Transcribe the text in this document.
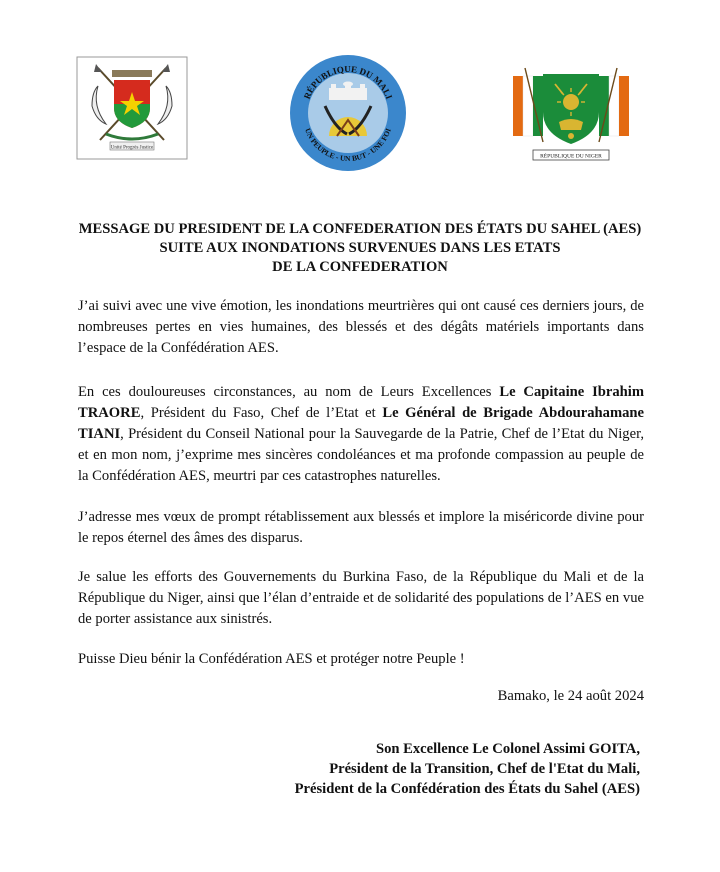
Unité Progrès Justice
RÉPUBLIQUE DU MALI
UN PEUPLE - UN BUT - UNE FOI
RÉPUBLIQUE DU NIGER
MESSAGE DU PRESIDENT DE LA CONFEDERATION DES ÉTATS DU SAHEL (AES)
SUITE AUX INONDATIONS SURVENUES DANS LES ETATS
DE LA CONFEDERATION
J’ai suivi avec une vive émotion, les inondations meurtrières qui ont causé ces derniers jours, de nombreuses pertes en vies humaines, des blessés et des dégâts matériels importants dans l’espace de la Confédération AES.
En ces douloureuses circonstances, au nom de Leurs Excellences Le Capitaine Ibrahim TRAORE, Président du Faso, Chef de l’Etat et Le Général de Brigade Abdourahamane TIANI, Président du Conseil National pour la Sauvegarde de la Patrie, Chef de l’Etat du Niger, et en mon nom, j’exprime mes sincères condoléances et ma profonde compassion au peuple de la Confédération AES, meurtri par ces catastrophes naturelles.
J’adresse mes vœux de prompt rétablissement aux blessés et implore la miséricorde divine pour le repos éternel des âmes des disparus.
Je salue les efforts des Gouvernements du Burkina Faso, de la République du Mali et de la République du Niger, ainsi que l’élan d’entraide et de solidarité des populations de l’AES en vue de porter assistance aux sinistrés.
Puisse Dieu bénir la Confédération AES et protéger notre Peuple !
Bamako, le 24 août 2024
Son Excellence Le Colonel Assimi GOITA,
Président de la Transition, Chef de l'Etat du Mali,
Président de la Confédération des États du Sahel (AES)
